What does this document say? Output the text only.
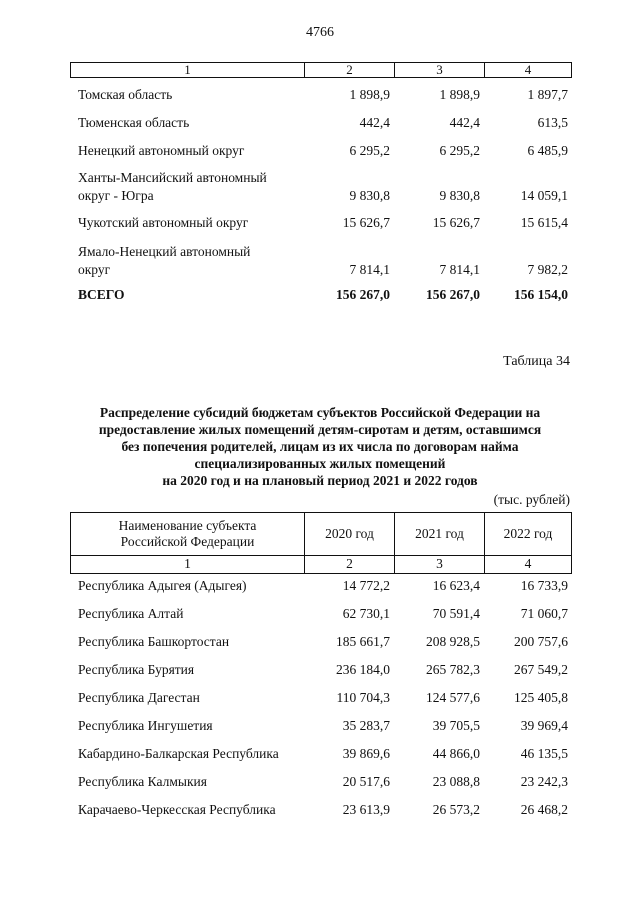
4766
1	2	3	4
Томская область	1 898,9	1 898,9	1 897,7
Тюменская область	442,4	442,4	613,5
Ненецкий автономный округ	6 295,2	6 295,2	6 485,9
Ханты-Мансийский автономный
округ - Югра	9 830,8	9 830,8	14 059,1
Чукотский автономный округ	15 626,7	15 626,7	15 615,4
Ямало-Ненецкий автономный
округ	7 814,1	7 814,1	7 982,2
ВСЕГО	156 267,0	156 267,0	156 154,0
Таблица 34
Распределение субсидий бюджетам субъектов Российской Федерации на
предоставление жилых помещений детям-сиротам и детям, оставшимся
без попечения родителей, лицам из их числа по договорам найма
специализированных жилых помещений
на 2020 год и на плановый период 2021 и 2022 годов
(тыс. рублей)
Наименование субъекта
Российской Федерации
2020 год	2021 год	2022 год
1	2	3	4
Республика Адыгея (Адыгея)	14 772,2	16 623,4	16 733,9
Республика Алтай	62 730,1	70 591,4	71 060,7
Республика Башкортостан	185 661,7	208 928,5	200 757,6
Республика Бурятия	236 184,0	265 782,3	267 549,2
Республика Дагестан	110 704,3	124 577,6	125 405,8
Республика Ингушетия	35 283,7	39 705,5	39 969,4
Кабардино-Балкарская Республика	39 869,6	44 866,0	46 135,5
Республика Калмыкия	20 517,6	23 088,8	23 242,3
Карачаево-Черкесская Республика	23 613,9	26 573,2	26 468,2
